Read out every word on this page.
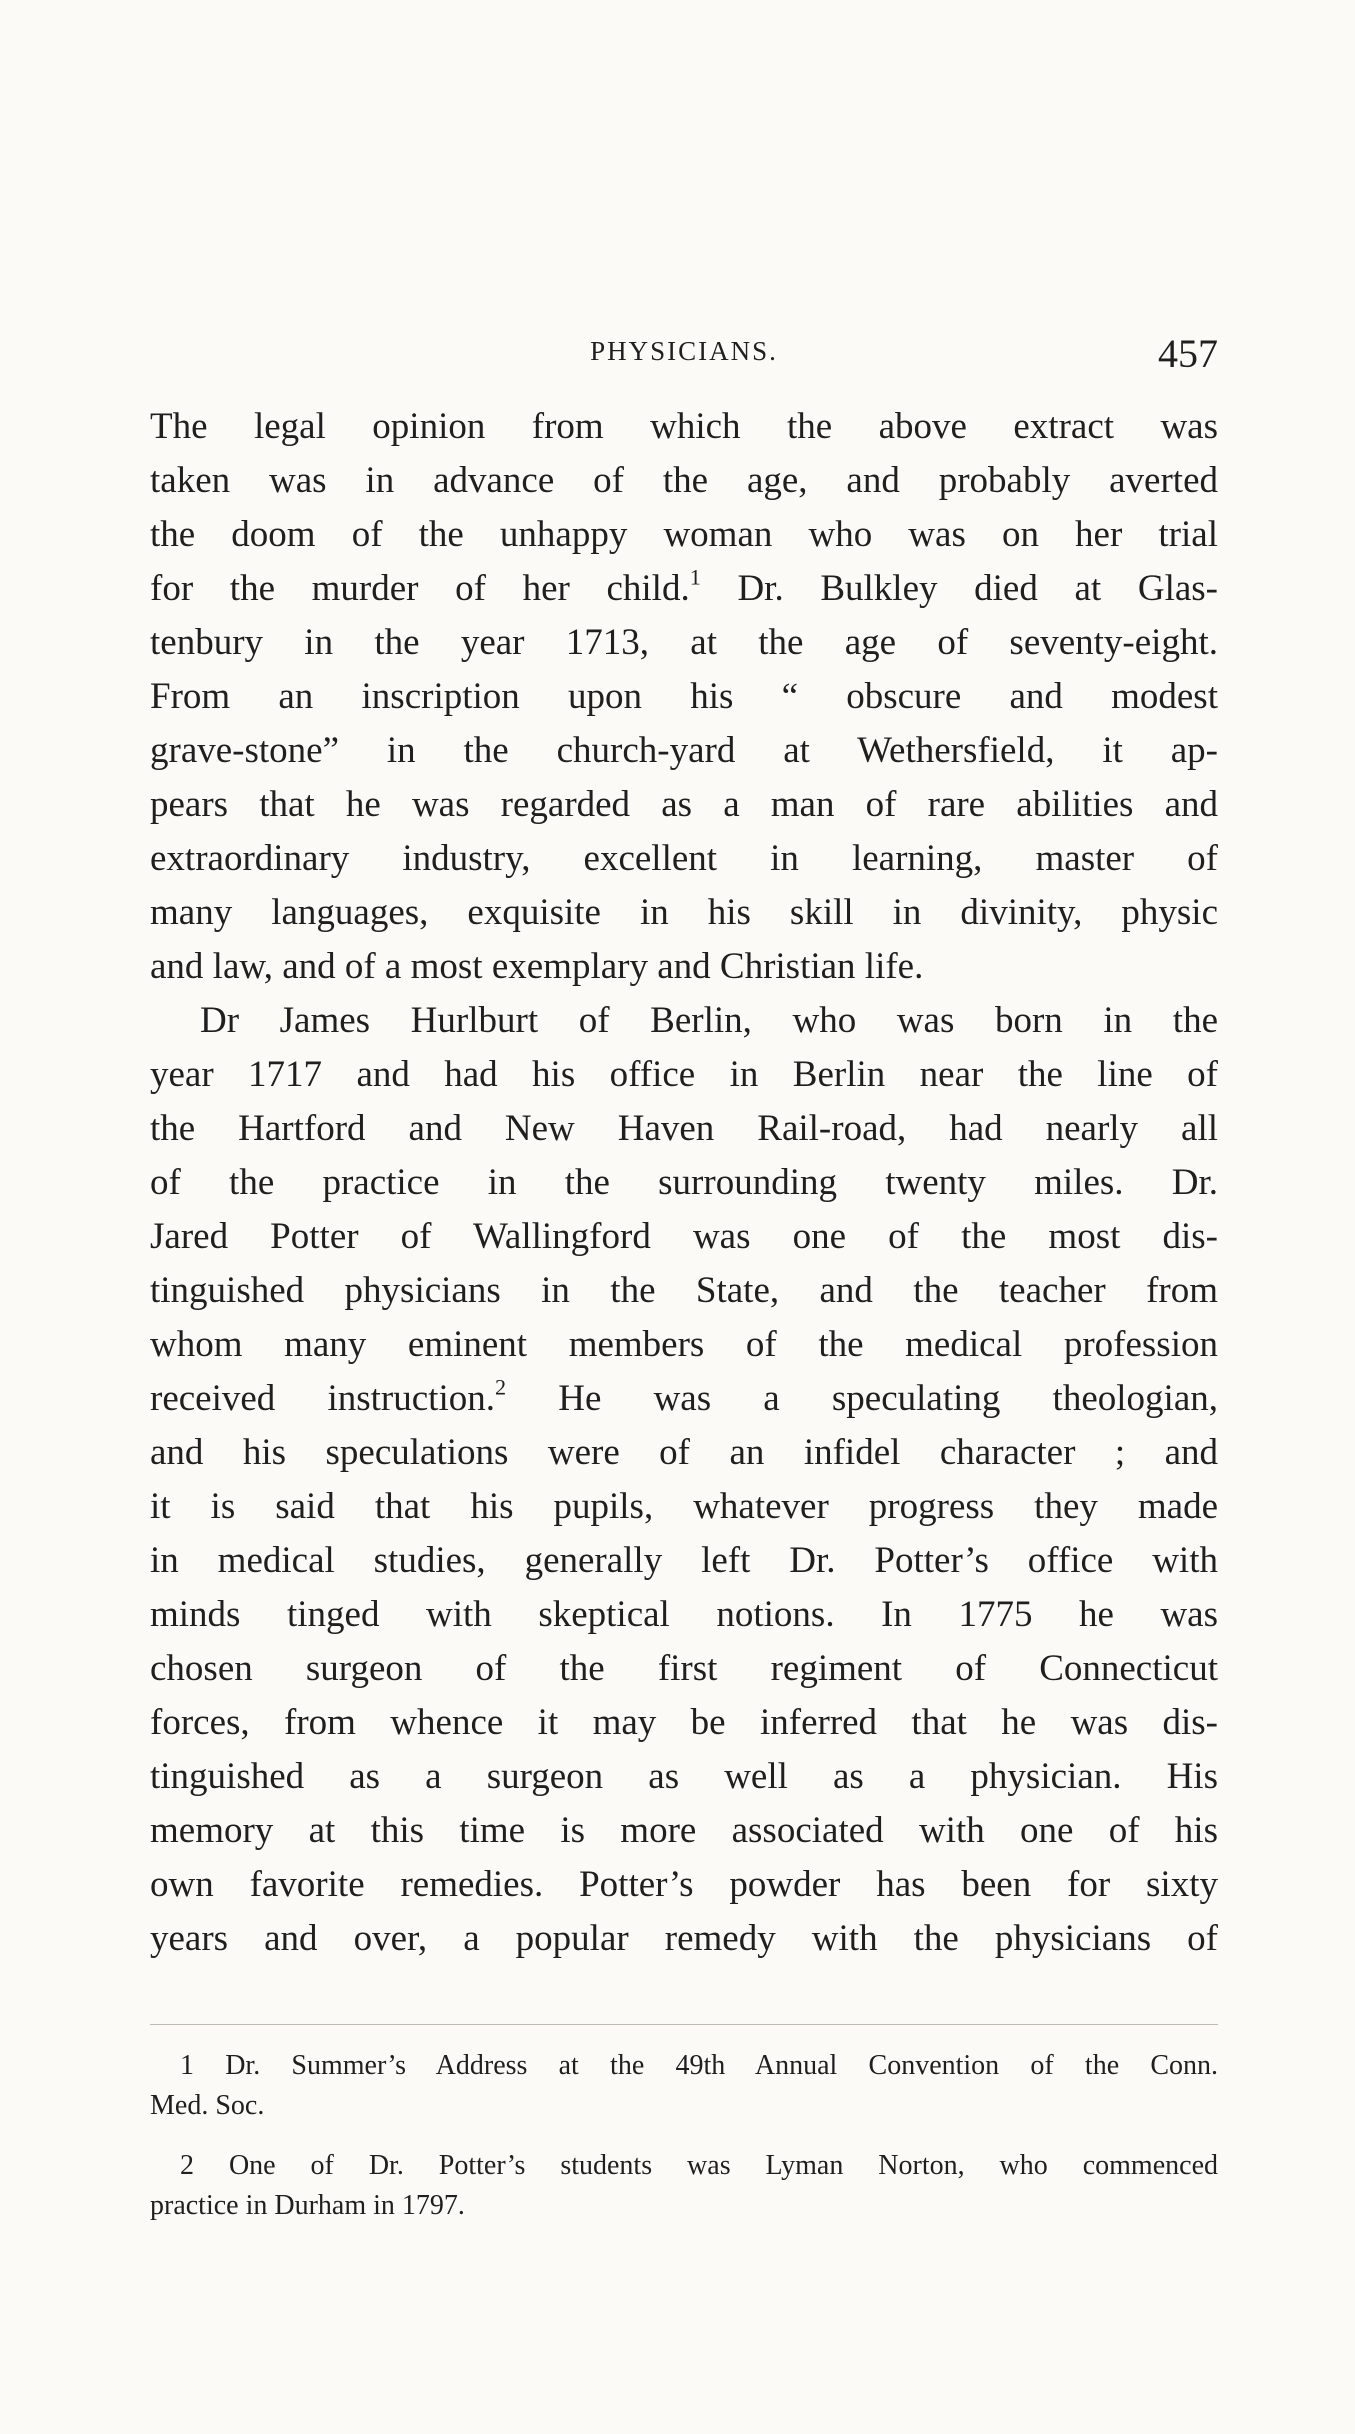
PHYSICIANS.	457
The legal opinion from which the above extract was
taken was in advance of the age, and probably averted
the doom of the unhappy woman who was on her trial
for the murder of her child.$^1$ Dr. Bulkley died at Glas-
tenbury in the year 1713, at the age of seventy-eight.
From an inscription upon his “ obscure and modest
grave-stone” in the church-yard at Wethersfield, it ap-
pears that he was regarded as a man of rare abilities and
extraordinary industry, excellent in learning, master of
many languages, exquisite in his skill in divinity, physic
and law, and of a most exemplary and Christian life.
Dr James Hurlburt of Berlin, who was born in the
year 1717 and had his office in Berlin near the line of
the Hartford and New Haven Rail-road, had nearly all
of the practice in the surrounding twenty miles. Dr.
Jared Potter of Wallingford was one of the most dis-
tinguished physicians in the State, and the teacher from
whom many eminent members of the medical profession
received instruction.$^2$ He was a speculating theologian,
and his speculations were of an infidel character ; and
it is said that his pupils, whatever progress they made
in medical studies, generally left Dr. Potter’s office with
minds tinged with skeptical notions. In 1775 he was
chosen surgeon of the first regiment of Connecticut
forces, from whence it may be inferred that he was dis-
tinguished as a surgeon as well as a physician. His
memory at this time is more associated with one of his
own favorite remedies. Potter’s powder has been for sixty
years and over, a popular remedy with the physicians of
1 Dr. Summer’s Address at the 49th Annual Convention of the Conn.
Med. Soc.
2 One of Dr. Potter’s students was Lyman Norton, who commenced
practice in Durham in 1797.
